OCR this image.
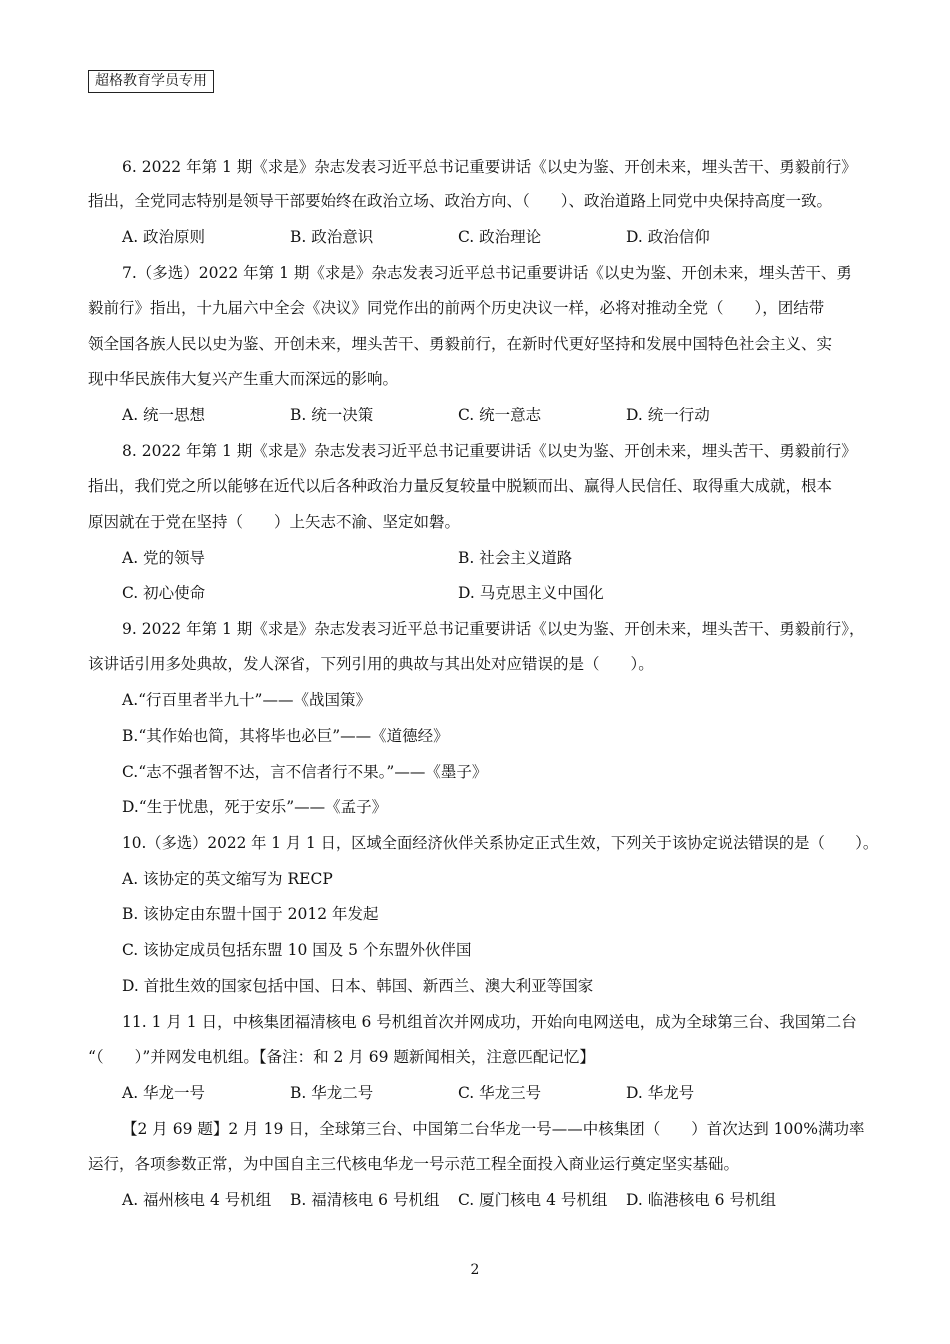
超格教育学员专用
6. 2022 年第 1 期《求是》杂志发表习近平总书记重要讲话《以史为鉴、开创未来，埋头苦干、勇毅前行》
指出，全党同志特别是领导干部要始终在政治立场、政治方向、（　　）、政治道路上同党中央保持高度一致。
A. 政治原则	B. 政治意识	C. 政治理论	D. 政治信仰
7.（多选）2022 年第 1 期《求是》杂志发表习近平总书记重要讲话《以史为鉴、开创未来，埋头苦干、勇
毅前行》指出，十九届六中全会《决议》同党作出的前两个历史决议一样，必将对推动全党（　　），团结带
领全国各族人民以史为鉴、开创未来，埋头苦干、勇毅前行，在新时代更好坚持和发展中国特色社会主义、实
现中华民族伟大复兴产生重大而深远的影响。
A. 统一思想	B. 统一决策	C. 统一意志	D. 统一行动
8. 2022 年第 1 期《求是》杂志发表习近平总书记重要讲话《以史为鉴、开创未来，埋头苦干、勇毅前行》
指出，我们党之所以能够在近代以后各种政治力量反复较量中脱颖而出、赢得人民信任、取得重大成就，根本
原因就在于党在坚持（　　）上矢志不渝、坚定如磐。
A. 党的领导	B. 社会主义道路
C. 初心使命	D. 马克思主义中国化
9. 2022 年第 1 期《求是》杂志发表习近平总书记重要讲话《以史为鉴、开创未来，埋头苦干、勇毅前行》，
该讲话引用多处典故，发人深省，下列引用的典故与其出处对应错误的是（　　）。
A.“行百里者半九十”——《战国策》
B.“其作始也简，其将毕也必巨”——《道德经》
C.“志不强者智不达，言不信者行不果。”——《墨子》
D.“生于忧患，死于安乐”——《孟子》
10.（多选）2022 年 1 月 1 日，区域全面经济伙伴关系协定正式生效，下列关于该协定说法错误的是（　　）。
A. 该协定的英文缩写为 RECP
B. 该协定由东盟十国于 2012 年发起
C. 该协定成员包括东盟 10 国及 5 个东盟外伙伴国
D. 首批生效的国家包括中国、日本、韩国、新西兰、澳大利亚等国家
11. 1 月 1 日，中核集团福清核电 6 号机组首次并网成功，开始向电网送电，成为全球第三台、我国第二台
“（　　）”并网发电机组。【备注：和 2 月 69 题新闻相关，注意匹配记忆】
A. 华龙一号	B. 华龙二号	C. 华龙三号	D. 华龙号
【2 月 69 题】2 月 19 日，全球第三台、中国第二台华龙一号——中核集团（　　）首次达到 100%满功率
运行，各项参数正常，为中国自主三代核电华龙一号示范工程全面投入商业运行奠定坚实基础。
A. 福州核电 4 号机组 B. 福清核电 6 号机组 C. 厦门核电 4 号机组 D. 临港核电 6 号机组
2
